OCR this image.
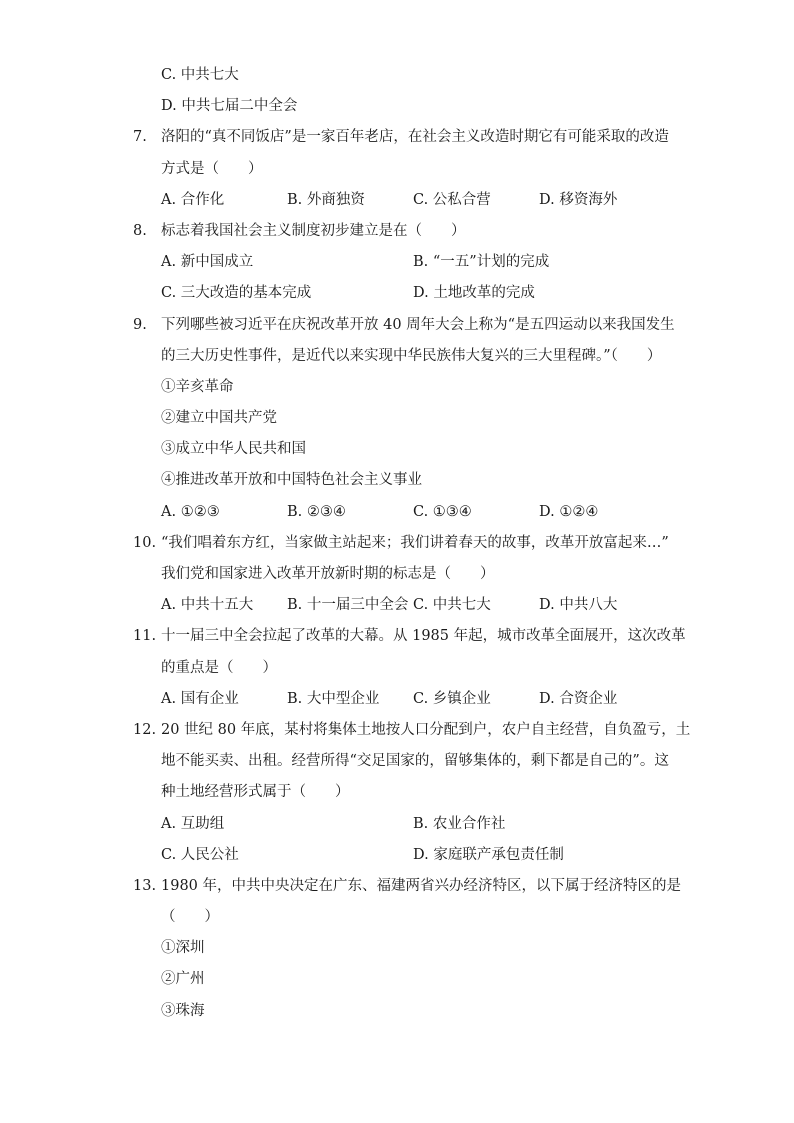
C. 中共七大
D. 中共七届二中全会
7. 洛阳的“真不同饭店”是一家百年老店，在社会主义改造时期它有可能采取的改造
方式是（　　）
A. 合作化	B. 外商独资	C. 公私合营	D. 移资海外
8. 标志着我国社会主义制度初步建立是在（　　）
A. 新中国成立	B. “一五”计划的完成
C. 三大改造的基本完成	D. 土地改革的完成
9. 下列哪些被习近平在庆祝改革开放 40 周年大会上称为“是五四运动以来我国发生
的三大历史性事件，是近代以来实现中华民族伟大复兴的三大里程碑。”（　　）
①辛亥革命
②建立中国共产党
③成立中华人民共和国
④推进改革开放和中国特色社会主义事业
A. ①②③	B. ②③④	C. ①③④	D. ①②④
10. “我们唱着东方红，当家做主站起来；我们讲着春天的故事，改革开放富起来…”
我们党和国家进入改革开放新时期的标志是（　　）
A. 中共十五大 B. 十一届三中全会 C. 中共七大	D. 中共八大
11. 十一届三中全会拉起了改革的大幕。从 1985 年起，城市改革全面展开，这次改革
的重点是（　　）
A. 国有企业	B. 大中型企业 C. 乡镇企业	D. 合资企业
12. 20 世纪 80 年底，某村将集体土地按人口分配到户，农户自主经营，自负盈亏，土
地不能买卖、出租。经营所得“交足国家的，留够集体的，剩下都是自己的”。这
种土地经营形式属于（　　）
A. 互助组	B. 农业合作社
C. 人民公社	D. 家庭联产承包责任制
13. 1980 年，中共中央决定在广东、福建两省兴办经济特区，以下属于经济特区的是
（　　）
①深圳
②广州
③珠海
